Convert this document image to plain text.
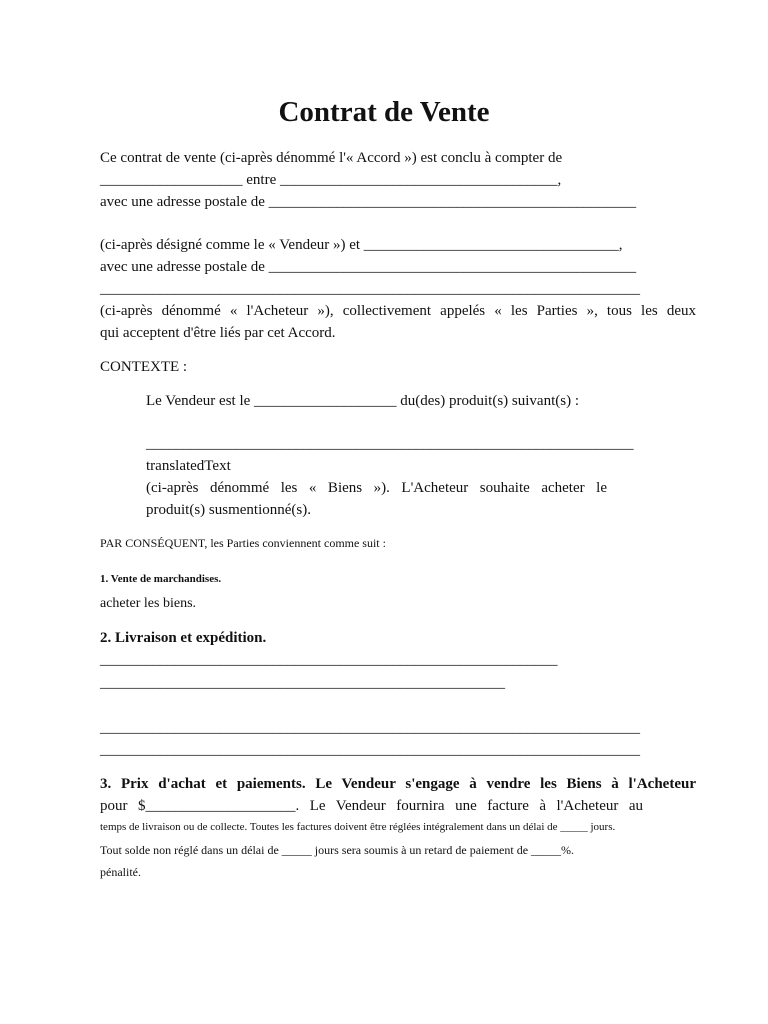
Contrat de Vente

Ce contrat de vente (ci-après dénommé l'« Accord ») est conclu à compter de

___________________ entre _____________________________________,

avec une adresse postale de _________________________________________________

(ci-après désigné comme le « Vendeur ») et __________________________________,

avec une adresse postale de _________________________________________________

________________________________________________________________________

(ci-après dénommé « l'Acheteur »), collectivement appelés « les Parties », tous les deux

qui acceptent d'être liés par cet Accord.

CONTEXTE :

Le Vendeur est le ___________________ du(des) produit(s) suivant(s) :

_________________________________________________________________

translatedText

(ci-après dénommé les « Biens »). L'Acheteur souhaite acheter le

produit(s) susmentionné(s).

PAR CONSÉQUENT, les Parties conviennent comme suit :

1. Vente de marchandises.

acheter les biens.

2. Livraison et expédition.

_____________________________________________________________

______________________________________________________

________________________________________________________________________

________________________________________________________________________

3. Prix d'achat et paiements. Le Vendeur s'engage à vendre les Biens à l'Acheteur

pour $____________________. Le Vendeur fournira une facture à l'Acheteur au

temps de livraison ou de collecte. Toutes les factures doivent être réglées intégralement dans un délai de _____ jours.

Tout solde non réglé dans un délai de _____ jours sera soumis à un retard de paiement de _____%.

pénalité.
